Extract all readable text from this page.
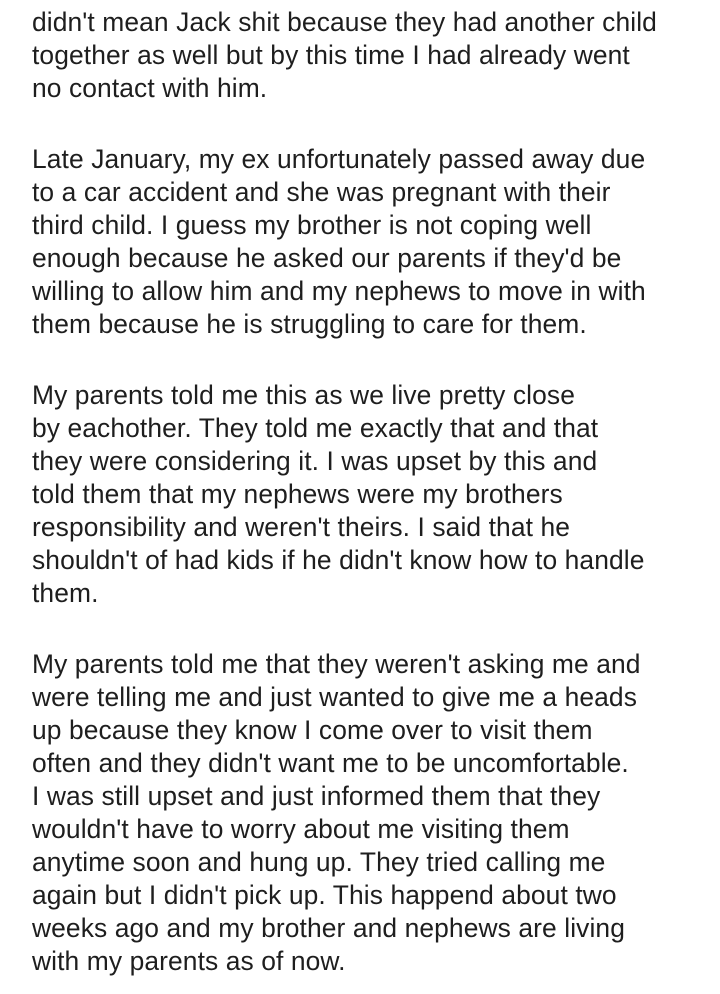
didn't mean Jack shit because they had another child
together as well but by this time I had already went
no contact with him.
Late January, my ex unfortunately passed away due
to a car accident and she was pregnant with their
third child. I guess my brother is not coping well
enough because he asked our parents if they'd be
willing to allow him and my nephews to move in with
them because he is struggling to care for them.
My parents told me this as we live pretty close
by eachother. They told me exactly that and that
they were considering it. I was upset by this and
told them that my nephews were my brothers
responsibility and weren't theirs. I said that he
shouldn't of had kids if he didn't know how to handle
them.
My parents told me that they weren't asking me and
were telling me and just wanted to give me a heads
up because they know I come over to visit them
often and they didn't want me to be uncomfortable.
I was still upset and just informed them that they
wouldn't have to worry about me visiting them
anytime soon and hung up. They tried calling me
again but I didn't pick up. This happend about two
weeks ago and my brother and nephews are living
with my parents as of now.
